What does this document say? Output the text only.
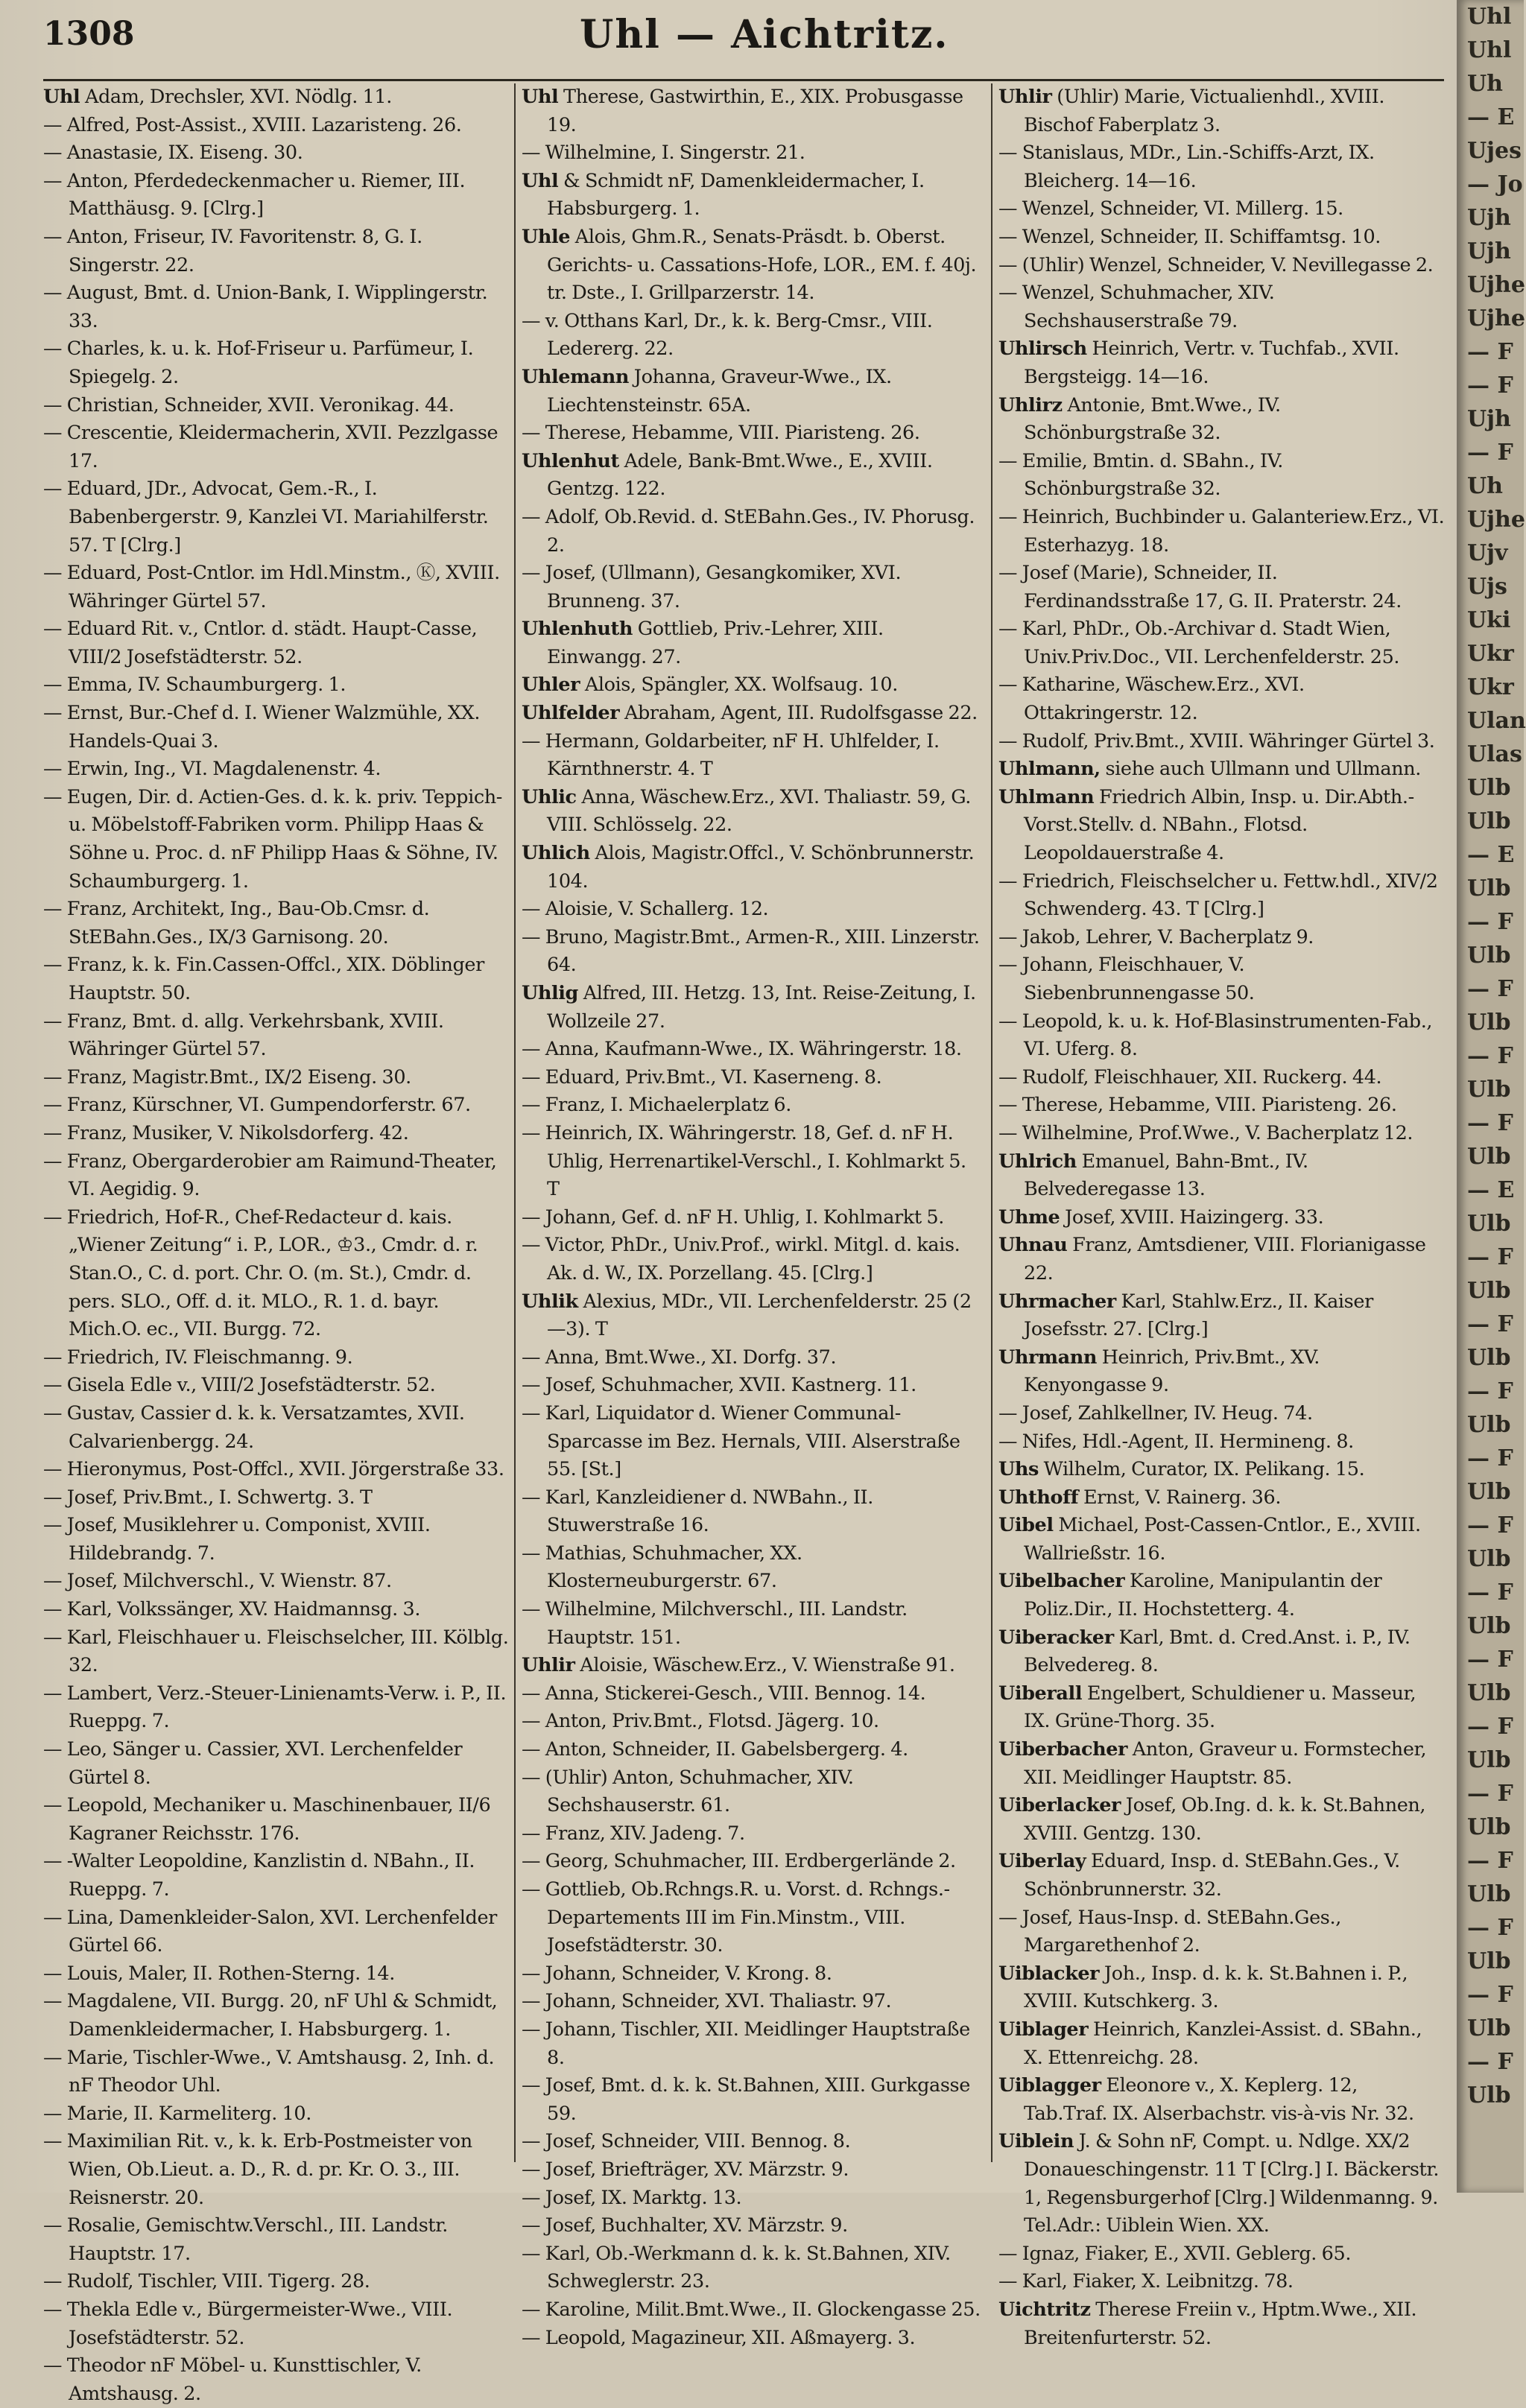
1308	Uhl — Aichtritz.

Uhl Adam, Drechsler, XVI. Nödlg. 11.

— Alfred, Post-Assist., XVIII. Lazaristeng. 26.

— Anastasie, IX. Eiseng. 30.

— Anton, Pferdedeckenmacher u. Riemer, III. Matthäusg. 9. [Clrg.]

— Anton, Friseur, IV. Favoritenstr. 8, G. I. Singerstr. 22.

— August, Bmt. d. Union-Bank, I. Wipplingerstr. 33.

— Charles, k. u. k. Hof-Friseur u. Parfümeur, I. Spiegelg. 2.

— Christian, Schneider, XVII. Veronikag. 44.

— Crescentie, Kleidermacherin, XVII. Pezzlgasse 17.

— Eduard, JDr., Advocat, Gem.-R., I. Babenbergerstr. 9, Kanzlei VI. Mariahilferstr. 57. T [Clrg.]

— Eduard, Post-Cntlor. im Hdl.Minstm., Ⓚ, XVIII. Währinger Gürtel 57.

— Eduard Rit. v., Cntlor. d. städt. Haupt-Casse, VIII/2 Josefstädterstr. 52.

— Emma, IV. Schaumburgerg. 1.

— Ernst, Bur.-Chef d. I. Wiener Walzmühle, XX. Handels-Quai 3.

— Erwin, Ing., VI. Magdalenenstr. 4.

— Eugen, Dir. d. Actien-Ges. d. k. k. priv. Teppich- u. Möbelstoff-Fabriken vorm. Philipp Haas & Söhne u. Proc. d. nF Philipp Haas & Söhne, IV. Schaumburgerg. 1.

— Franz, Architekt, Ing., Bau-Ob.Cmsr. d. StEBahn.Ges., IX/3 Garnisong. 20.

— Franz, k. k. Fin.Cassen-Offcl., XIX. Döblinger Hauptstr. 50.

— Franz, Bmt. d. allg. Verkehrsbank, XVIII. Währinger Gürtel 57.

— Franz, Magistr.Bmt., IX/2 Eiseng. 30.

— Franz, Kürschner, VI. Gumpendorferstr. 67.

— Franz, Musiker, V. Nikolsdorferg. 42.

— Franz, Obergarderobier am Raimund-Theater, VI. Aegidig. 9.

— Friedrich, Hof-R., Chef-Redacteur d. kais. „Wiener Zeitung“ i. P., LOR., ♔3., Cmdr. d. r. Stan.O., C. d. port. Chr. O. (m. St.), Cmdr. d. pers. SLO., Off. d. it. MLO., R. 1. d. bayr. Mich.O. ec., VII. Burgg. 72.

— Friedrich, IV. Fleischmanng. 9.

— Gisela Edle v., VIII/2 Josefstädterstr. 52.

— Gustav, Cassier d. k. k. Versatzamtes, XVII. Calvarienbergg. 24.

— Hieronymus, Post-Offcl., XVII. Jörgerstraße 33.

— Josef, Priv.Bmt., I. Schwertg. 3. T

— Josef, Musiklehrer u. Componist, XVIII. Hildebrandg. 7.

— Josef, Milchverschl., V. Wienstr. 87.

— Karl, Volkssänger, XV. Haidmannsg. 3.

— Karl, Fleischhauer u. Fleischselcher, III. Kölblg. 32.

— Lambert, Verz.-Steuer-Linienamts-Verw. i. P., II. Rueppg. 7.

— Leo, Sänger u. Cassier, XVI. Lerchenfelder Gürtel 8.

— Leopold, Mechaniker u. Maschinenbauer, II/6 Kagraner Reichsstr. 176.

— -Walter Leopoldine, Kanzlistin d. NBahn., II. Rueppg. 7.

— Lina, Damenkleider-Salon, XVI. Lerchenfelder Gürtel 66.

— Louis, Maler, II. Rothen-Sterng. 14.

— Magdalene, VII. Burgg. 20, nF Uhl & Schmidt, Damenkleidermacher, I. Habsburgerg. 1.

— Marie, Tischler-Wwe., V. Amtshausg. 2, Inh. d. nF Theodor Uhl.

— Marie, II. Karmeliterg. 10.

— Maximilian Rit. v., k. k. Erb-Postmeister von Wien, Ob.Lieut. a. D., R. d. pr. Kr. O. 3., III. Reisnerstr. 20.

— Rosalie, Gemischtw.Verschl., III. Landstr. Hauptstr. 17.

— Rudolf, Tischler, VIII. Tigerg. 28.

— Thekla Edle v., Bürgermeister-Wwe., VIII. Josefstädterstr. 52.

— Theodor nF Möbel- u. Kunsttischler, V. Amtshausg. 2.

Uhl Therese, Gastwirthin, E., XIX. Probusgasse 19.

— Wilhelmine, I. Singerstr. 21.

Uhl & Schmidt nF, Damenkleidermacher, I. Habsburgerg. 1.

Uhle Alois, Ghm.R., Senats-Präsdt. b. Oberst. Gerichts- u. Cassations-Hofe, LOR., EM. f. 40j. tr. Dste., I. Grillparzerstr. 14.

— v. Otthans Karl, Dr., k. k. Berg-Cmsr., VIII. Ledererg. 22.

Uhlemann Johanna, Graveur-Wwe., IX. Liechtensteinstr. 65A.

— Therese, Hebamme, VIII. Piaristeng. 26.

Uhlenhut Adele, Bank-Bmt.Wwe., E., XVIII. Gentzg. 122.

— Adolf, Ob.Revid. d. StEBahn.Ges., IV. Phorusg. 2.

— Josef, (Ullmann), Gesangkomiker, XVI. Brunneng. 37.

Uhlenhuth Gottlieb, Priv.-Lehrer, XIII. Einwangg. 27.

Uhler Alois, Spängler, XX. Wolfsaug. 10.

Uhlfelder Abraham, Agent, III. Rudolfsgasse 22.

— Hermann, Goldarbeiter, nF H. Uhlfelder, I. Kärnthnerstr. 4. T

Uhlic Anna, Wäschew.Erz., XVI. Thaliastr. 59, G. VIII. Schlösselg. 22.

Uhlich Alois, Magistr.Offcl., V. Schönbrunnerstr. 104.

— Aloisie, V. Schallerg. 12.

— Bruno, Magistr.Bmt., Armen-R., XIII. Linzerstr. 64.

Uhlig Alfred, III. Hetzg. 13, Int. Reise-Zeitung, I. Wollzeile 27.

— Anna, Kaufmann-Wwe., IX. Währingerstr. 18.

— Eduard, Priv.Bmt., VI. Kaserneng. 8.

— Franz, I. Michaelerplatz 6.

— Heinrich, IX. Währingerstr. 18, Gef. d. nF H. Uhlig, Herrenartikel-Verschl., I. Kohlmarkt 5. T

— Johann, Gef. d. nF H. Uhlig, I. Kohlmarkt 5.

— Victor, PhDr., Univ.Prof., wirkl. Mitgl. d. kais. Ak. d. W., IX. Porzellang. 45. [Clrg.]

Uhlik Alexius, MDr., VII. Lerchenfelderstr. 25 (2—3). T

— Anna, Bmt.Wwe., XI. Dorfg. 37.

— Josef, Schuhmacher, XVII. Kastnerg. 11.

— Karl, Liquidator d. Wiener Communal-Sparcasse im Bez. Hernals, VIII. Alserstraße 55. [St.]

— Karl, Kanzleidiener d. NWBahn., II. Stuwerstraße 16.

— Mathias, Schuhmacher, XX. Klosterneuburgerstr. 67.

— Wilhelmine, Milchverschl., III. Landstr. Hauptstr. 151.

Uhlir Aloisie, Wäschew.Erz., V. Wienstraße 91.

— Anna, Stickerei-Gesch., VIII. Bennog. 14.

— Anton, Priv.Bmt., Flotsd. Jägerg. 10.

— Anton, Schneider, II. Gabelsbergerg. 4.

— (Uhlir) Anton, Schuhmacher, XIV. Sechshauserstr. 61.

— Franz, XIV. Jadeng. 7.

— Georg, Schuhmacher, III. Erdbergerlände 2.

— Gottlieb, Ob.Rchngs.R. u. Vorst. d. Rchngs.-Departements III im Fin.Minstm., VIII. Josefstädterstr. 30.

— Johann, Schneider, V. Krong. 8.

— Johann, Schneider, XVI. Thaliastr. 97.

— Johann, Tischler, XII. Meidlinger Hauptstraße 8.

— Josef, Bmt. d. k. k. St.Bahnen, XIII. Gurkgasse 59.

— Josef, Schneider, VIII. Bennog. 8.

— Josef, Briefträger, XV. Märzstr. 9.

— Josef, IX. Marktg. 13.

— Josef, Buchhalter, XV. Märzstr. 9.

— Karl, Ob.-Werkmann d. k. k. St.Bahnen, XIV. Schweglerstr. 23.

— Karoline, Milit.Bmt.Wwe., II. Glockengasse 25.

— Leopold, Magazineur, XII. Aßmayerg. 3.

Uhlir (Uhlir) Marie, Victualienhdl., XVIII. Bischof Faberplatz 3.

— Stanislaus, MDr., Lin.-Schiffs-Arzt, IX. Bleicherg. 14—16.

— Wenzel, Schneider, VI. Millerg. 15.

— Wenzel, Schneider, II. Schiffamtsg. 10.

— (Uhlir) Wenzel, Schneider, V. Nevillegasse 2.

— Wenzel, Schuhmacher, XIV. Sechshauserstraße 79.

Uhlirsch Heinrich, Vertr. v. Tuchfab., XVII. Bergsteigg. 14—16.

Uhlirz Antonie, Bmt.Wwe., IV. Schönburgstraße 32.

— Emilie, Bmtin. d. SBahn., IV. Schönburgstraße 32.

— Heinrich, Buchbinder u. Galanteriew.Erz., VI. Esterhazyg. 18.

— Josef (Marie), Schneider, II. Ferdinandsstraße 17, G. II. Praterstr. 24.

— Karl, PhDr., Ob.-Archivar d. Stadt Wien, Univ.Priv.Doc., VII. Lerchenfelderstr. 25.

— Katharine, Wäschew.Erz., XVI. Ottakringerstr. 12.

— Rudolf, Priv.Bmt., XVIII. Währinger Gürtel 3.

Uhlmann, siehe auch Ullmann und Ullmann.

Uhlmann Friedrich Albin, Insp. u. Dir.Abth.-Vorst.Stellv. d. NBahn., Flotsd. Leopoldauerstraße 4.

— Friedrich, Fleischselcher u. Fettw.hdl., XIV/2 Schwenderg. 43. T [Clrg.]

— Jakob, Lehrer, V. Bacherplatz 9.

— Johann, Fleischhauer, V. Siebenbrunnengasse 50.

— Leopold, k. u. k. Hof-Blasinstrumenten-Fab., VI. Uferg. 8.

— Rudolf, Fleischhauer, XII. Ruckerg. 44.

— Therese, Hebamme, VIII. Piaristeng. 26.

— Wilhelmine, Prof.Wwe., V. Bacherplatz 12.

Uhlrich Emanuel, Bahn-Bmt., IV. Belvederegasse 13.

Uhme Josef, XVIII. Haizingerg. 33.

Uhnau Franz, Amtsdiener, VIII. Florianigasse 22.

Uhrmacher Karl, Stahlw.Erz., II. Kaiser Josefsstr. 27. [Clrg.]

Uhrmann Heinrich, Priv.Bmt., XV. Kenyongasse 9.

— Josef, Zahlkellner, IV. Heug. 74.

— Nifes, Hdl.-Agent, II. Hermineng. 8.

Uhs Wilhelm, Curator, IX. Pelikang. 15.

Uhthoff Ernst, V. Rainerg. 36.

Uibel Michael, Post-Cassen-Cntlor., E., XVIII. Wallrießstr. 16.

Uibelbacher Karoline, Manipulantin der Poliz.Dir., II. Hochstetterg. 4.

Uiberacker Karl, Bmt. d. Cred.Anst. i. P., IV. Belvedereg. 8.

Uiberall Engelbert, Schuldiener u. Masseur, IX. Grüne-Thorg. 35.

Uiberbacher Anton, Graveur u. Formstecher, XII. Meidlinger Hauptstr. 85.

Uiberlacker Josef, Ob.Ing. d. k. k. St.Bahnen, XVIII. Gentzg. 130.

Uiberlay Eduard, Insp. d. StEBahn.Ges., V. Schönbrunnerstr. 32.

— Josef, Haus-Insp. d. StEBahn.Ges., Margarethenhof 2.

Uiblacker Joh., Insp. d. k. k. St.Bahnen i. P., XVIII. Kutschkerg. 3.

Uiblager Heinrich, Kanzlei-Assist. d. SBahn., X. Ettenreichg. 28.

Uiblagger Eleonore v., X. Keplerg. 12, Tab.Traf. IX. Alserbachstr. vis-à-vis Nr. 32.

Uiblein J. & Sohn nF, Compt. u. Ndlge. XX/2 Donaueschingenstr. 11 T [Clrg.] I. Bäckerstr. 1, Regensburgerhof [Clrg.] Wildenmanng. 9. Tel.Adr.: Uiblein Wien. XX.

— Ignaz, Fiaker, E., XVII. Geblerg. 65.

— Karl, Fiaker, X. Leibnitzg. 78.

Uichtritz Therese Freiin v., Hptm.Wwe., XII. Breitenfurterstr. 52.

Uhl
Uhl
Uh
— E
Ujes
— Jo
Ujh
Ujh
Ujhe
Ujhe
— F
— F
Ujh
— F
Uh
Ujhe
Ujv
Ujs
Uki
Ukr
Ukr
Ulan
Ulas
Ulb
Ulb
— E
Ulb
— F
Ulb
— F
Ulb
— F
Ulb
— F
Ulb
— E
Ulb
— F
Ulb
— F
Ulb
— F
Ulb
— F
Ulb
— F
Ulb
— F
Ulb
— F
Ulb
— F
Ulb
— F
Ulb
— F
Ulb
— F
Ulb
— F
Ulb
— F
Ulb
